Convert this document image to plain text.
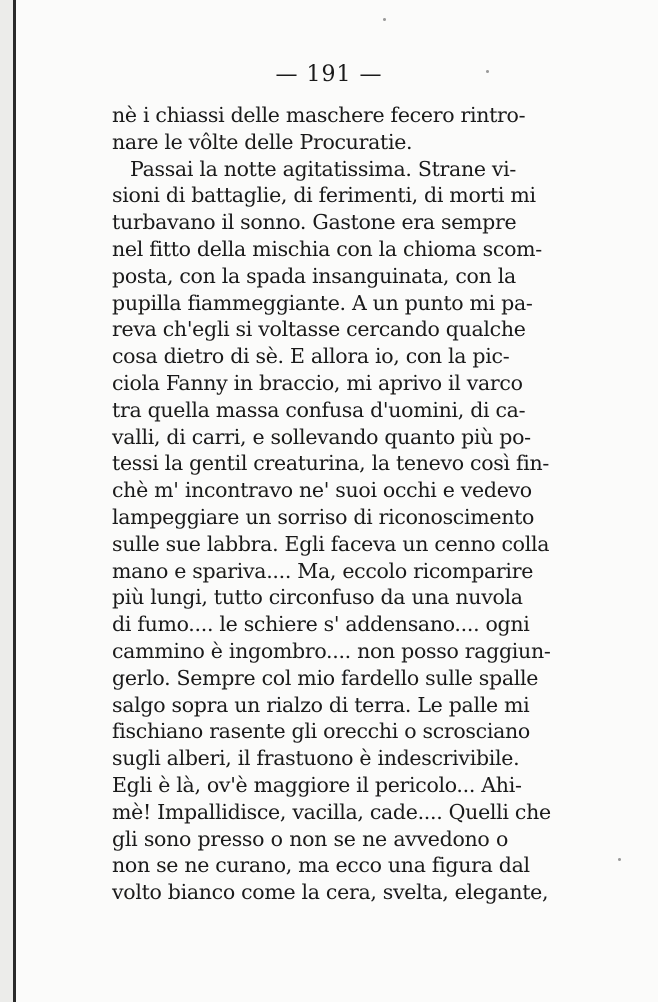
— 191 —
nè i chiassi delle maschere fecero rintro-
nare le vôlte delle Procuratie.
Passai la notte agitatissima. Strane vi-
sioni di battaglie, di ferimenti, di morti mi
turbavano il sonno. Gastone era sempre
nel fitto della mischia con la chioma scom-
posta, con la spada insanguinata, con la
pupilla fiammeggiante. A un punto mi pa-
reva ch'egli si voltasse cercando qualche
cosa dietro di sè. E allora io, con la pic-
ciola Fanny in braccio, mi aprivo il varco
tra quella massa confusa d'uomini, di ca-
valli, di carri, e sollevando quanto più po-
tessi la gentil creaturina, la tenevo così fin-
chè m' incontravo ne' suoi occhi e vedevo
lampeggiare un sorriso di riconoscimento
sulle sue labbra. Egli faceva un cenno colla
mano e spariva.... Ma, eccolo ricomparire
più lungi, tutto circonfuso da una nuvola
di fumo.... le schiere s' addensano.... ogni
cammino è ingombro.... non posso raggiun-
gerlo. Sempre col mio fardello sulle spalle
salgo sopra un rialzo di terra. Le palle mi
fischiano rasente gli orecchi o scrosciano
sugli alberi, il frastuono è indescrivibile.
Egli è là, ov'è maggiore il pericolo... Ahi-
mè! Impallidisce, vacilla, cade.... Quelli che
gli sono presso o non se ne avvedono o
non se ne curano, ma ecco una figura dal
volto bianco come la cera, svelta, elegante,
